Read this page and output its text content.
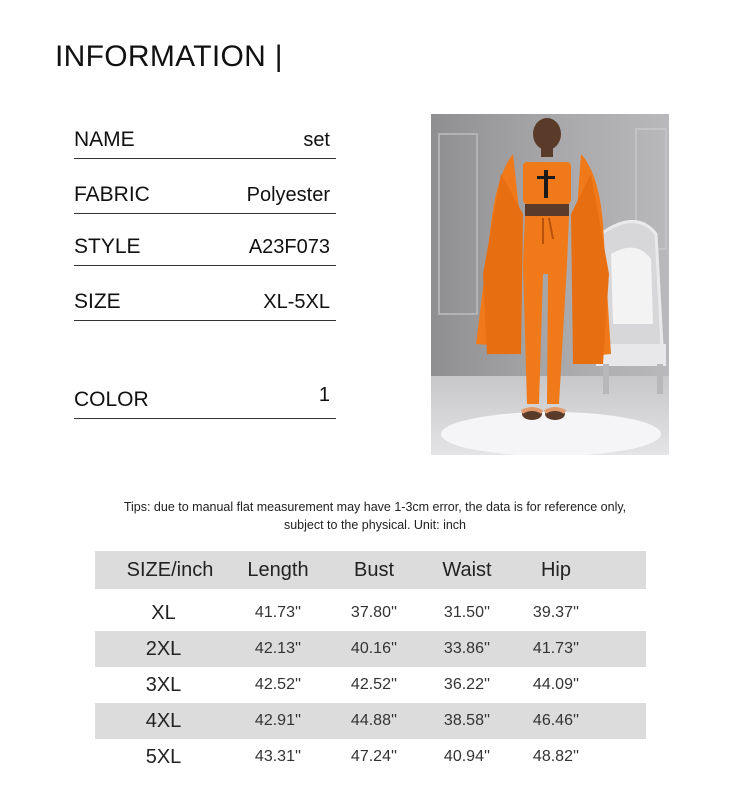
INFORMATION |
NAME	set
FABRIC	Polyester
STYLE	A23F073
SIZE	XL-5XL
COLOR	1
Tips: due to manual flat measurement may have 1-3cm error, the data is for reference only,
subject to the physical. Unit: inch
SIZE/inch	Length	Bust	Waist	Hip
XL	41.73''	37.80''	31.50''	39.37''
2XL	42.13''	40.16''	33.86''	41.73''
3XL	42.52''	42.52''	36.22''	44.09''
4XL	42.91''	44.88''	38.58''	46.46''
5XL	43.31''	47.24''	40.94''	48.82''
